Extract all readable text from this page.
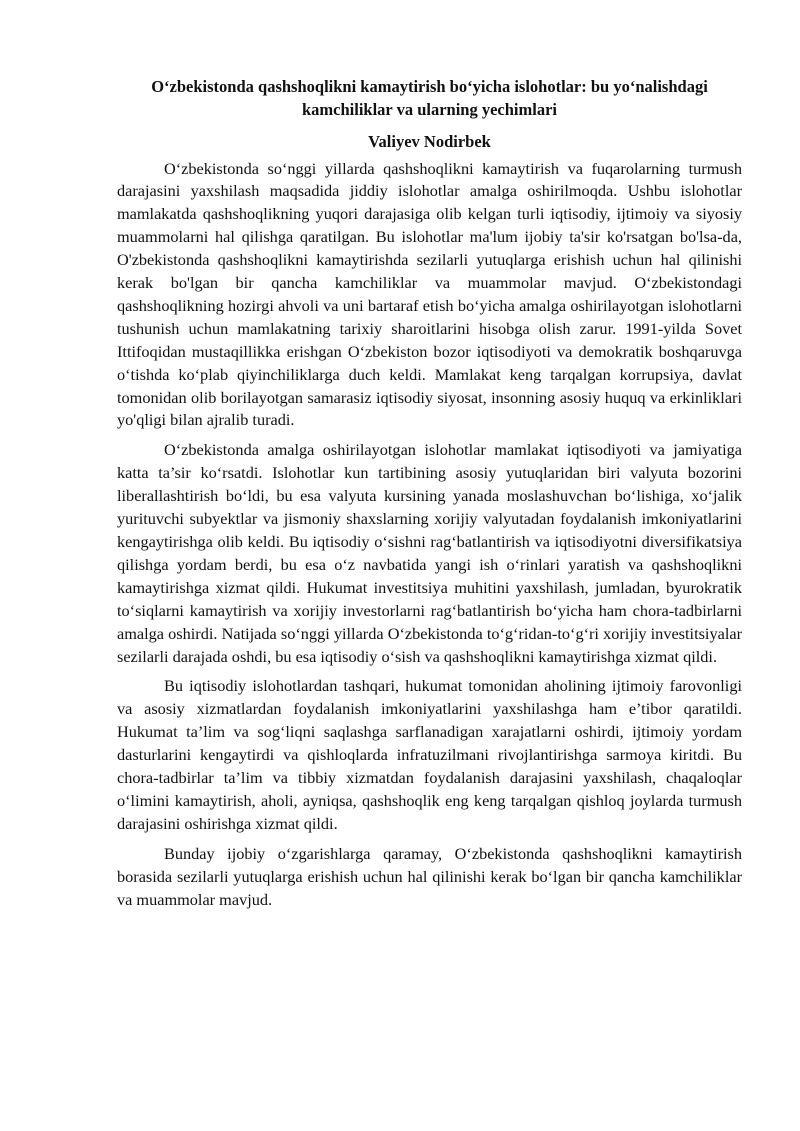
O‘zbekistonda qashshoqlikni kamaytirish bo‘yicha islohotlar: bu yo‘nalishdagi kamchiliklar va ularning yechimlari
Valiyev Nodirbek

O‘zbekistonda so‘nggi yillarda qashshoqlikni kamaytirish va fuqarolarning turmush darajasini yaxshilash maqsadida jiddiy islohotlar amalga oshirilmoqda. Ushbu islohotlar mamlakatda qashshoqlikning yuqori darajasiga olib kelgan turli iqtisodiy, ijtimoiy va siyosiy muammolarni hal qilishga qaratilgan. Bu islohotlar ma'lum ijobiy ta'sir ko'rsatgan bo'lsa-da, O'zbekistonda qashshoqlikni kamaytirishda sezilarli yutuqlarga erishish uchun hal qilinishi kerak bo'lgan bir qancha kamchiliklar va muammolar mavjud. O‘zbekistondagi qashshoqlikning hozirgi ahvoli va uni bartaraf etish bo‘yicha amalga oshirilayotgan islohotlarni tushunish uchun mamlakatning tarixiy sharoitlarini hisobga olish zarur. 1991-yilda Sovet Ittifoqidan mustaqillikka erishgan O‘zbekiston bozor iqtisodiyoti va demokratik boshqaruvga o‘tishda ko‘plab qiyinchiliklarga duch keldi. Mamlakat keng tarqalgan korrupsiya, davlat tomonidan olib borilayotgan samarasiz iqtisodiy siyosat, insonning asosiy huquq va erkinliklari yo'qligi bilan ajralib turadi.

O‘zbekistonda amalga oshirilayotgan islohotlar mamlakat iqtisodiyoti va jamiyatiga katta ta’sir ko‘rsatdi. Islohotlar kun tartibining asosiy yutuqlaridan biri valyuta bozorini liberallashtirish bo‘ldi, bu esa valyuta kursining yanada moslashuvchan bo‘lishiga, xo‘jalik yurituvchi subyektlar va jismoniy shaxslarning xorijiy valyutadan foydalanish imkoniyatlarini kengaytirishga olib keldi. Bu iqtisodiy o‘sishni rag‘batlantirish va iqtisodiyotni diversifikatsiya qilishga yordam berdi, bu esa o‘z navbatida yangi ish o‘rinlari yaratish va qashshoqlikni kamaytirishga xizmat qildi. Hukumat investitsiya muhitini yaxshilash, jumladan, byurokratik to‘siqlarni kamaytirish va xorijiy investorlarni rag‘batlantirish bo‘yicha ham chora-tadbirlarni amalga oshirdi. Natijada so‘nggi yillarda O‘zbekistonda to‘g‘ridan-to‘g‘ri xorijiy investitsiyalar sezilarli darajada oshdi, bu esa iqtisodiy o‘sish va qashshoqlikni kamaytirishga xizmat qildi.

Bu iqtisodiy islohotlardan tashqari, hukumat tomonidan aholining ijtimoiy farovonligi va asosiy xizmatlardan foydalanish imkoniyatlarini yaxshilashga ham e’tibor qaratildi. Hukumat ta’lim va sog‘liqni saqlashga sarflanadigan xarajatlarni oshirdi, ijtimoiy yordam dasturlarini kengaytirdi va qishloqlarda infratuzilmani rivojlantirishga sarmoya kiritdi. Bu chora-tadbirlar ta’lim va tibbiy xizmatdan foydalanish darajasini yaxshilash, chaqaloqlar o‘limini kamaytirish, aholi, ayniqsa, qashshoqlik eng keng tarqalgan qishloq joylarda turmush darajasini oshirishga xizmat qildi.

Bunday ijobiy o‘zgarishlarga qaramay, O‘zbekistonda qashshoqlikni kamaytirish borasida sezilarli yutuqlarga erishish uchun hal qilinishi kerak bo‘lgan bir qancha kamchiliklar va muammolar mavjud.
